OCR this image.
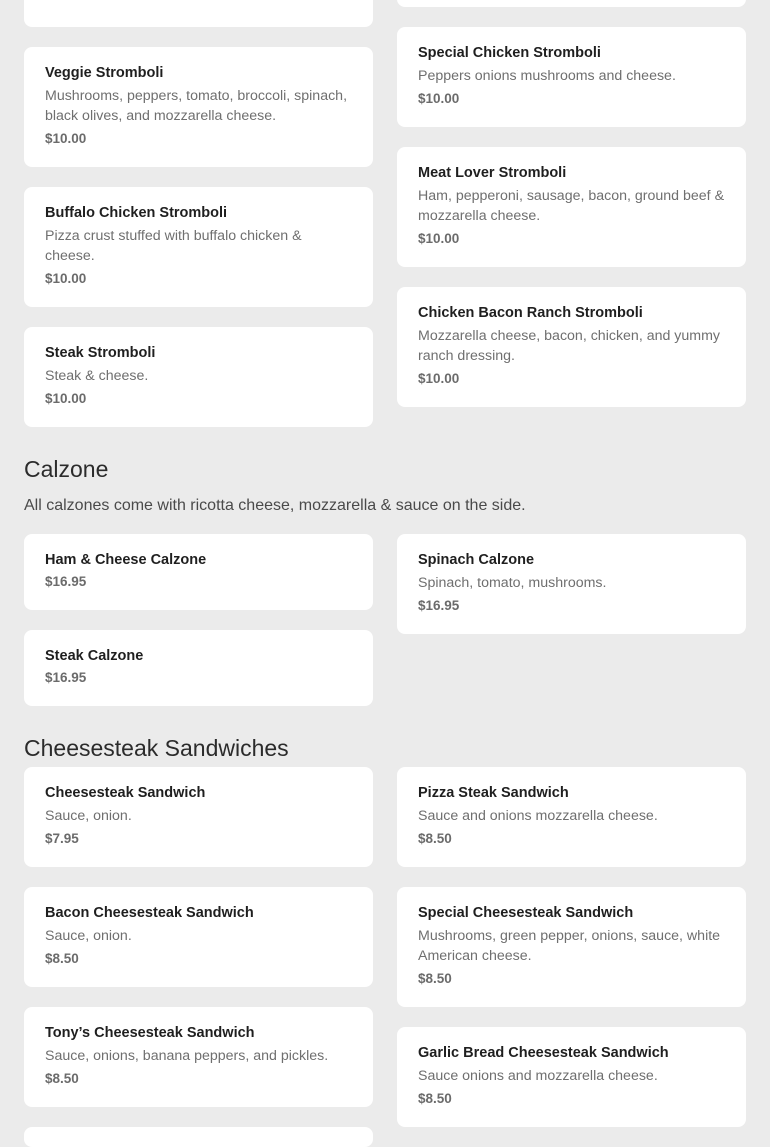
Special Chicken Stromboli

Peppers onions mushrooms and cheese.

$10.00

Veggie Stromboli

Mushrooms, peppers, tomato, broccoli, spinach, black olives, and mozzarella cheese.

$10.00

Meat Lover Stromboli

Ham, pepperoni, sausage, bacon, ground beef & mozzarella cheese.

$10.00

Buffalo Chicken Stromboli

Pizza crust stuffed with buffalo chicken & cheese.

$10.00

Chicken Bacon Ranch Stromboli

Mozzarella cheese, bacon, chicken, and yummy ranch dressing.

$10.00

Steak Stromboli

Steak & cheese.

$10.00

Calzone

All calzones come with ricotta cheese, mozzarella & sauce on the side.

Ham & Cheese Calzone

$16.95

Spinach Calzone

Spinach, tomato, mushrooms.

$16.95

Steak Calzone

$16.95

Cheesesteak Sandwiches

Cheesesteak Sandwich

Sauce, onion.

$7.95

Pizza Steak Sandwich

Sauce and onions mozzarella cheese.

$8.50

Bacon Cheesesteak Sandwich

Sauce, onion.

$8.50

Special Cheesesteak Sandwich

Mushrooms, green pepper, onions, sauce, white American cheese.

$8.50

Tony’s Cheesesteak Sandwich

Sauce, onions, banana peppers, and pickles.

$8.50

Garlic Bread Cheesesteak Sandwich

Sauce onions and mozzarella cheese.

$8.50
